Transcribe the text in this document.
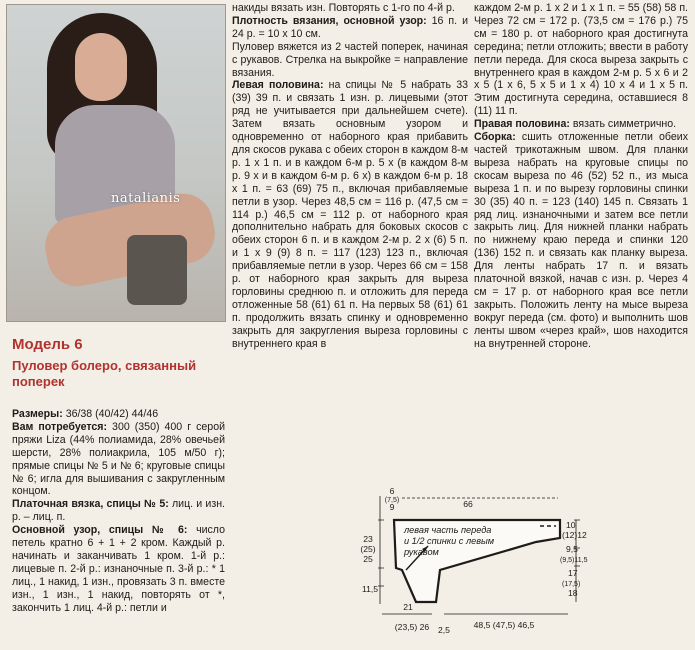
natalianis
Модель 6
Пуловер болеро, связанный поперек

Размеры: 36/38 (40/42) 44/46

Вам потребуется: 300 (350) 400 г серой пряжи Liza (44% полиамида, 28% овечьей шерсти, 28% полиакрила, 105 м/50 г); прямые спицы № 5 и № 6; круговые спицы № 6; игла для вышивания с закругленным концом.

Платочная вязка, спицы № 5: лиц. и изн. р. – лиц. п.

Основной узор, спицы № 6: число петель кратно 6 + 1 + 2 кром. Каждый р. начинать и заканчивать 1 кром. 1-й р.: лицевые п. 2-й р.: изнаночные п. 3-й р.: * 1 лиц., 1 накид, 1 изн., провязать 3 п. вместе изн., 1 изн., 1 накид, повторять от *, закончить 1 лиц. 4-й р.: петли и

накиды вязать изн. Повторять с 1-го по 4-й р.

Плотность вязания, основной узор: 16 п. и 24 р. = 10 х 10 см.

Пуловер вяжется из 2 частей поперек, начиная с рукавов. Стрелка на выкройке = направление вязания.

Левая половина: на спицы № 5 набрать 33 (39) 39 п. и связать 1 изн. р. лицевыми (этот ряд не учитывается при дальнейшем счете). Затем вязать основным узором и одновременно от наборного края прибавить для скосов рукава с обеих сторон в каждом 8-м р. 1 х 1 п. и в каждом 6-м р. 5 х (в каждом 8-м р. 9 х и в каждом 6-м р. 6 х) в каждом 6-м р. 18 х 1 п. = 63 (69) 75 п., включая прибавляемые петли в узор. Через 48,5 см = 116 р. (47,5 см = 114 р.) 46,5 см = 112 р. от наборного края дополнительно набрать для боковых скосов с обеих сторон 6 п. и в каждом 2-м р. 2 х (6) 5 п. и 1 х 9 (9) 8 п. = 117 (123) 123 п., включая прибавляемые петли в узор. Через 66 см = 158 р. от наборного края закрыть для выреза горловины среднюю п. и отложить для переда отложенные 58 (61) 61 п. На первых 58 (61) 61 п. продолжить вязать спинку и одновременно закрыть для закругления выреза горловины с внутреннего края в

каждом 2-м р. 1 х 2 и 1 х 1 п. = 55 (58) 58 п. Через 72 см = 172 р. (73,5 см = 176 р.) 75 см = 180 р. от наборного края достигнута середина; петли отложить; ввести в работу петли переда. Для скоса выреза закрыть с внутреннего края в каждом 2-м р. 5 х 6 и 2 х 5 (1 х 6, 5 х 5 и 1 х 4) 10 х 4 и 1 х 5 п. Этим достигнута середина, оставшиеся 8 (11) 11 п.

Правая половина: вязать симметрично.

Сборка: сшить отложенные петли обеих частей трикотажным швом. Для планки выреза набрать на круговые спицы по скосам выреза по 46 (52) 52 п., из мыса выреза 1 п. и по вырезу горловины спинки 30 (35) 40 п. = 123 (140) 145 п. Связать 1 ряд лиц. изнаночными и затем все петли закрыть лиц. Для нижней планки набрать по нижнему краю переда и спинки 120 (136) 152 п. и связать как планку выреза. Для ленты набрать 17 п. и вязать платочной вязкой, начав с изн. р. Через 4 см = 17 р. от наборного края все петли закрыть. Положить ленту на мысе выреза вокруг переда (см. фото) и выполнить шов ленты швом «через край», шов находится на внутренней стороне.

6
(7,5)
9	66
23
(25)
25
11,5
10
(12)12
9,5
(9,5)11,5
17
(17,5)
18
21
(23,5) 26 2,5	48,5 (47,5) 46,5
левая часть переда
и 1/2 спинки с левым
рукавом
